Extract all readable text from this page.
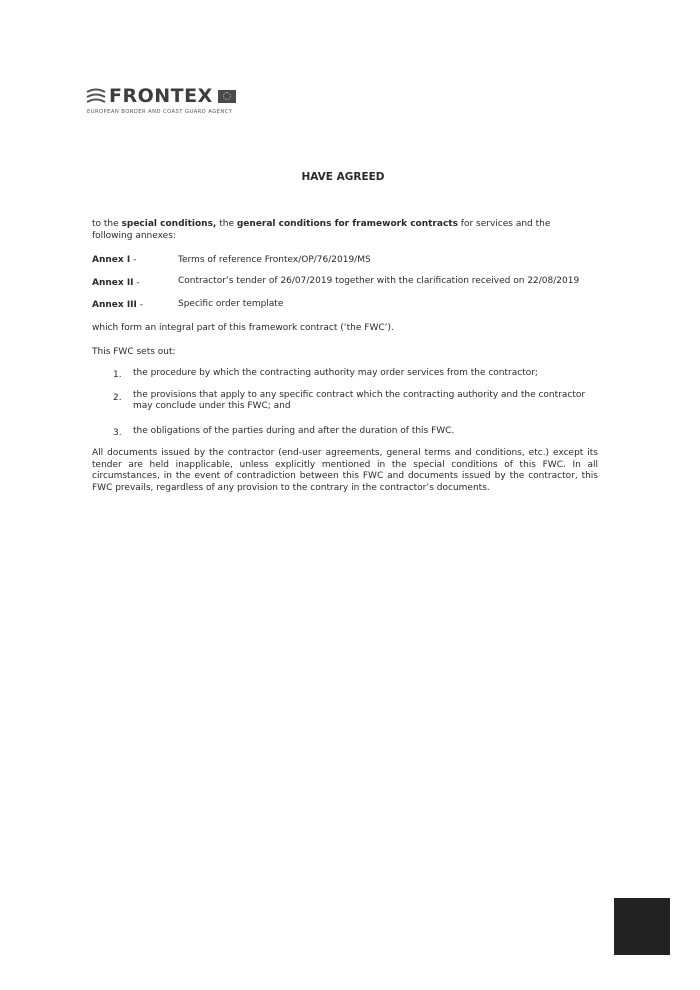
FRONTEX
EUROPEAN BORDER AND COAST GUARD AGENCY
HAVE AGREED
to the special conditions, the general conditions for framework contracts for services and the following annexes:
Annex I -	Terms of reference Frontex/OP/76/2019/MS
Annex II -	Contractor’s tender of 26/07/2019 together with the clarification received on 22/08/2019
Annex III -	Specific order template
which form an integral part of this framework contract (‘the FWC’).
This FWC sets out:
1. the procedure by which the contracting authority may order services from the contractor;
2. the provisions that apply to any specific contract which the contracting authority and the contractor may conclude under this FWC; and
3. the obligations of the parties during and after the duration of this FWC.
All documents issued by the contractor (end-user agreements, general terms and conditions, etc.) except its tender are held inapplicable, unless explicitly mentioned in the special conditions of this FWC. In all circumstances, in the event of contradiction between this FWC and documents issued by the contractor, this FWC prevails, regardless of any provision to the contrary in the contractor’s documents.
